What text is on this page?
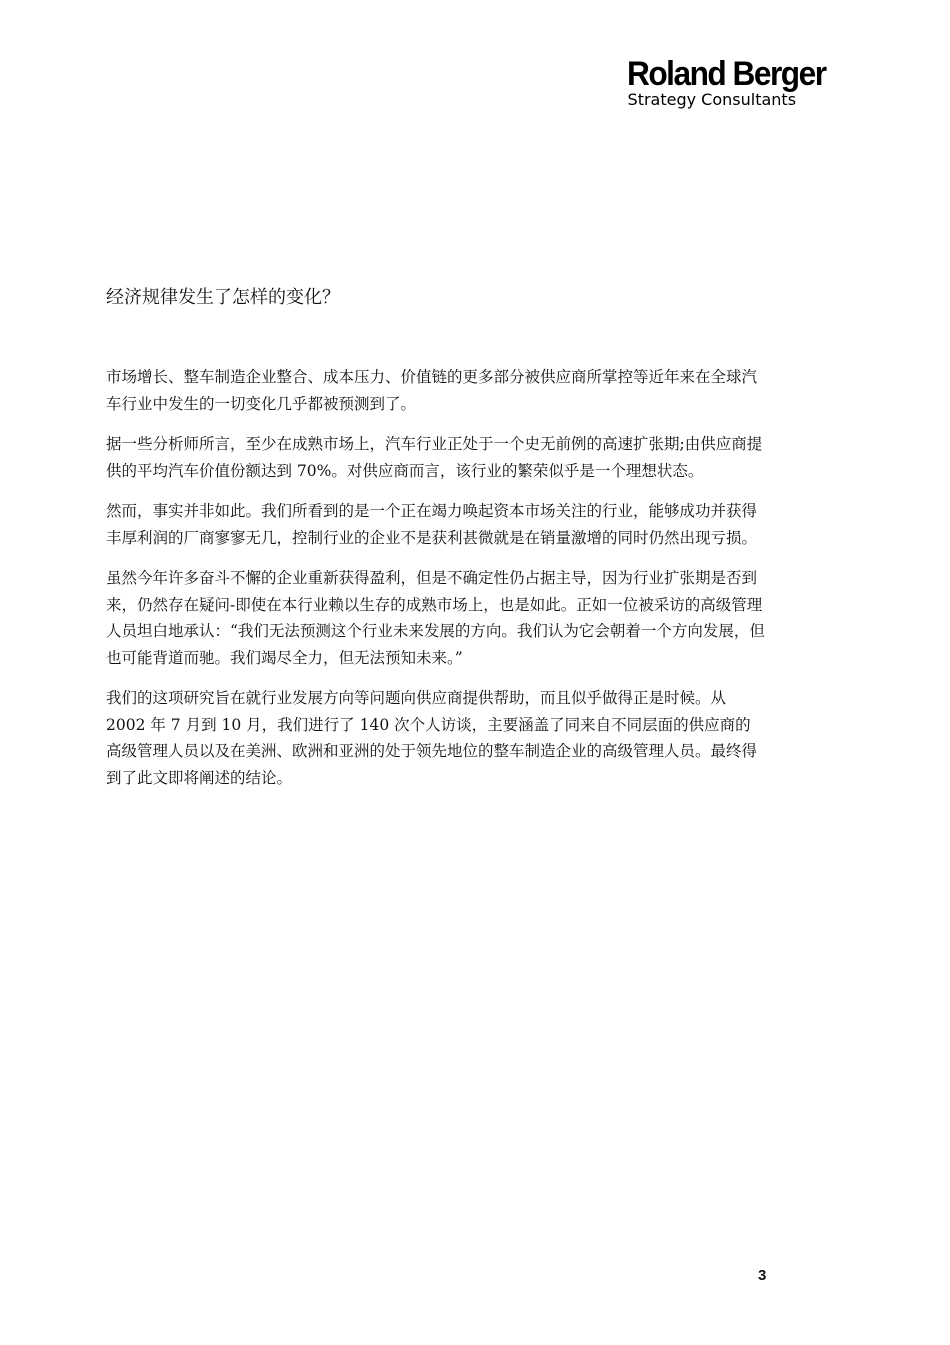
Roland Berger
Strategy Consultants
经济规律发生了怎样的变化？

市场增长、整车制造企业整合、成本压力、价值链的更多部分被供应商所掌控等近年来在全球汽车行业中发生的一切变化几乎都被预测到了。

据一些分析师所言，至少在成熟市场上，汽车行业正处于一个史无前例的高速扩张期;由供应商提供的平均汽车价值份额达到 70%。对供应商而言，该行业的繁荣似乎是一个理想状态。

然而，事实并非如此。我们所看到的是一个正在竭力唤起资本市场关注的行业，能够成功并获得丰厚利润的厂商寥寥无几，控制行业的企业不是获利甚微就是在销量激增的同时仍然出现亏损。

虽然今年许多奋斗不懈的企业重新获得盈利，但是不确定性仍占据主导，因为行业扩张期是否到来，仍然存在疑问-即使在本行业赖以生存的成熟市场上，也是如此。正如一位被采访的高级管理人员坦白地承认：“我们无法预测这个行业未来发展的方向。我们认为它会朝着一个方向发展，但也可能背道而驰。我们竭尽全力，但无法预知未来。”

我们的这项研究旨在就行业发展方向等问题向供应商提供帮助，而且似乎做得正是时候。从 2002 年 7 月到 10 月，我们进行了 140 次个人访谈，主要涵盖了同来自不同层面的供应商的高级管理人员以及在美洲、欧洲和亚洲的处于领先地位的整车制造企业的高级管理人员。最终得到了此文即将阐述的结论。

3
